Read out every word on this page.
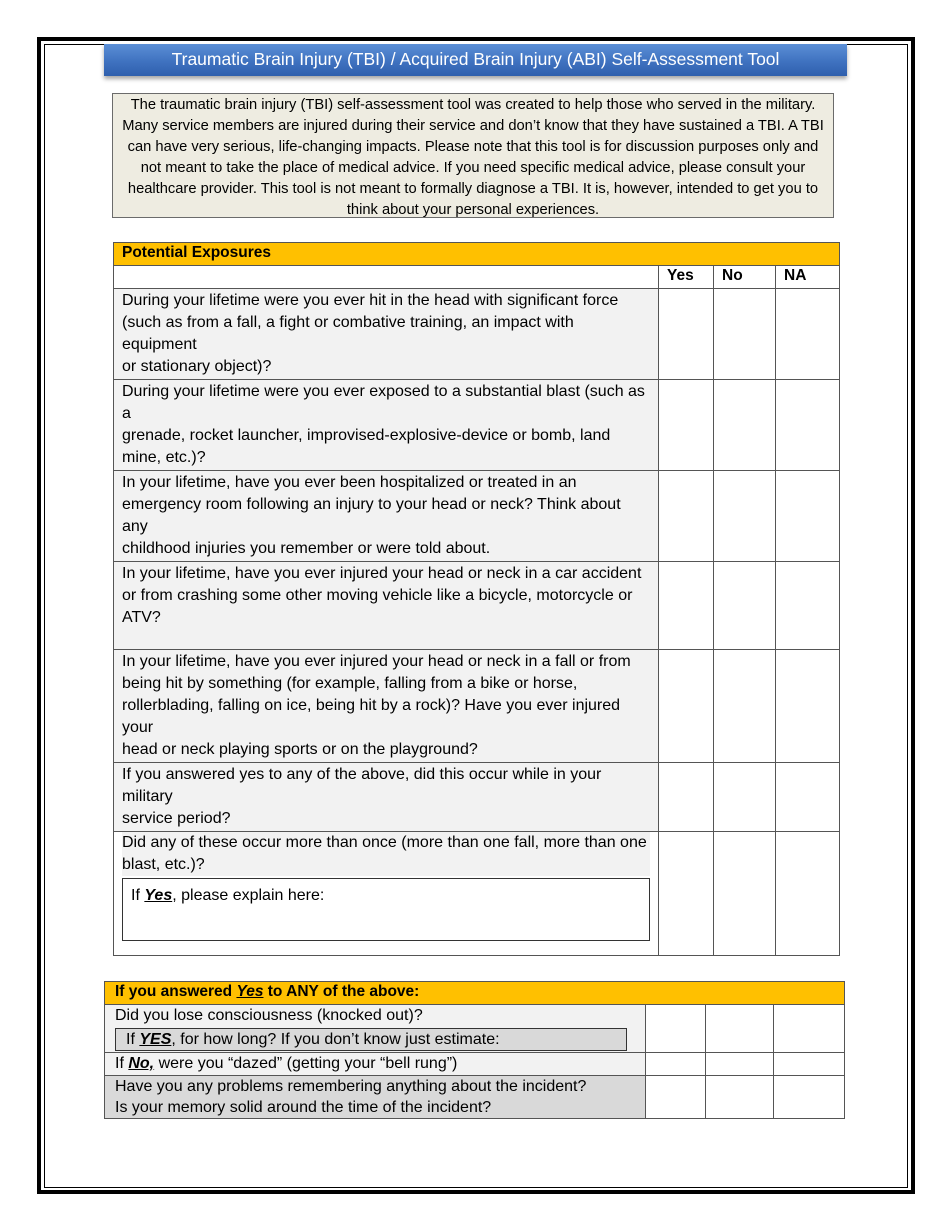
Traumatic Brain Injury (TBI) / Acquired Brain Injury (ABI) Self-Assessment Tool
The traumatic brain injury (TBI) self-assessment tool was created to help those who served in the military. Many service members are injured during their service and don’t know that they have sustained a TBI. A TBI can have very serious, life-changing impacts. Please note that this tool is for discussion purposes only and not meant to take the place of medical advice. If you need specific medical advice, please consult your healthcare provider. This tool is not meant to formally diagnose a TBI. It is, however, intended to get you to think about your personal experiences.
Potential Exposures			
	Yes	No	NA

During your lifetime were you ever hit in the head with significant force (such as from a fall, a fight or combative training, an impact with equipment
or stationary object)?			

During your lifetime were you ever exposed to a substantial blast (such as a
grenade, rocket launcher, improvised-explosive-device or bomb, land mine, etc.)?			

In your lifetime, have you ever been hospitalized or treated in an emergency room following an injury to your head or neck? Think about any
childhood injuries you remember or were told about.			

In your lifetime, have you ever injured your head or neck in a car accident or from crashing some other moving vehicle like a bicycle, motorcycle or
ATV?			

In your lifetime, have you ever injured your head or neck in a fall or from being hit by something (for example, falling from a bike or horse, rollerblading, falling on ice, being hit by a rock)? Have you ever injured your
head or neck playing sports or on the playground?			

If you answered yes to any of the above, did this occur while in your military
service period?			

Did any of these occur more than once (more than one fall, more than one
blast, etc.)?
If Yes, please explain here:			

If you answered Yes to ANY of the above:			

Did you lose consciousness (knocked out)?
If YES, for how long? If you don’t know just estimate:			

If No, were you “dazed” (getting your “bell rung”)			

Have you any problems remembering anything about the incident?
Is your memory solid around the time of the incident?			
